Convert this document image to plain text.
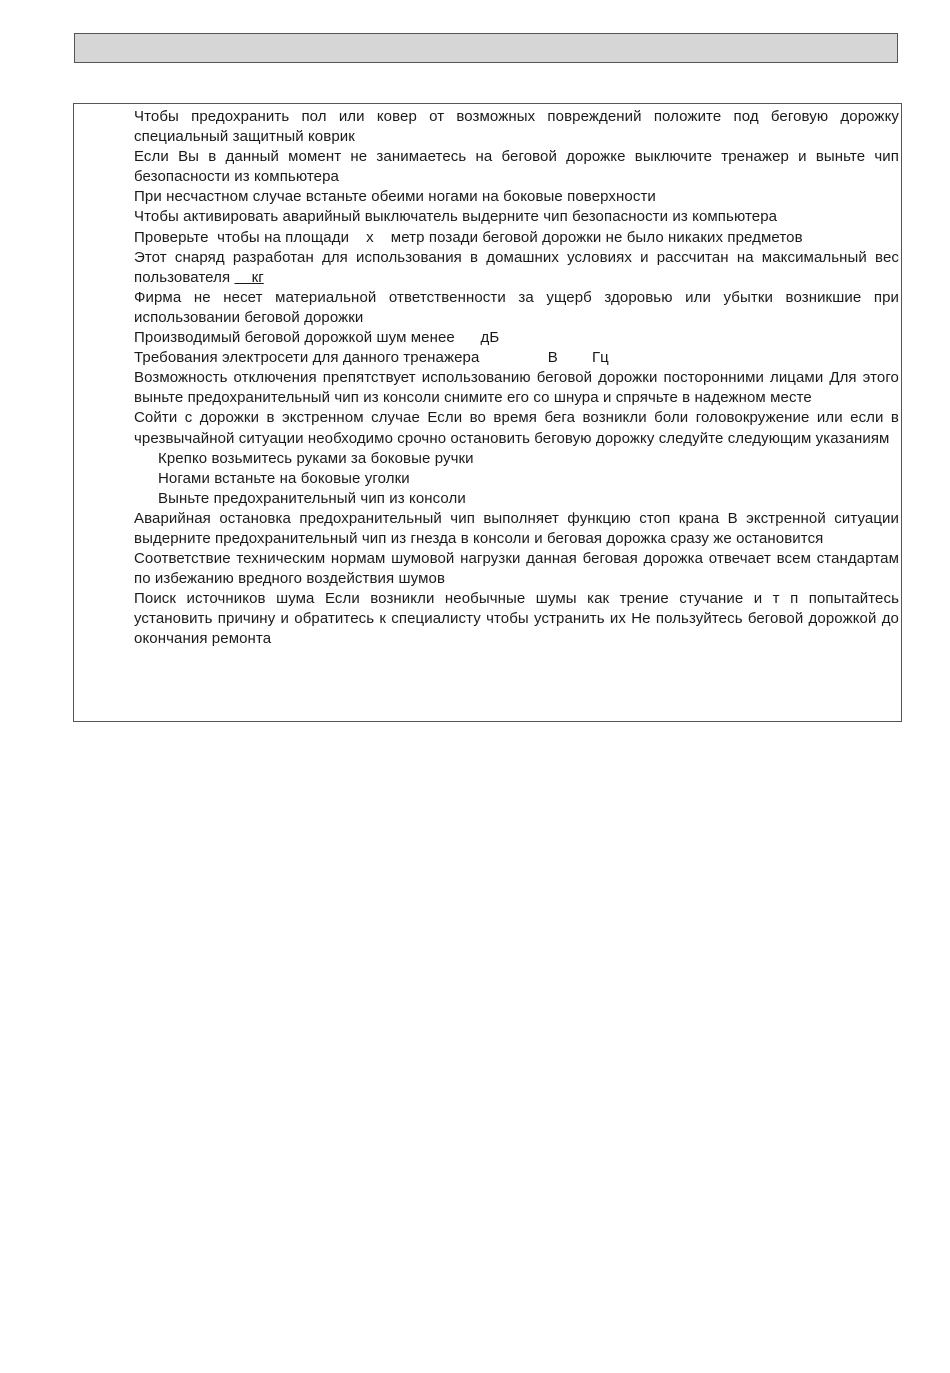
Чтобы предохранить пол или ковер от возможных повреждений положите под беговую дорожку специальный защитный коврик

Если Вы в данный момент не занимаетесь на беговой дорожке выключите тренажер и выньте чип безопасности из компьютера

При несчастном случае встаньте обеими ногами на боковые поверхности

Чтобы активировать аварийный выключатель выдерните чип безопасности из компьютера

Проверьте  чтобы на площади    х    метр позади беговой дорожки не было никаких предметов

Этот снаряд разработан для использования в домашних условиях и рассчитан на максимальный вес пользователя кг

Фирма не несет материальной ответственности за ущерб здоровью или убытки возникшие при использовании беговой дорожки

Производимый беговой дорожкой шум менее      дБ

Требования электросети для данного тренажера                В        Гц

Возможность отключения препятствует использованию беговой дорожки посторонними лицами Для этого выньте предохранительный чип из консоли снимите его со шнура и спрячьте в надежном месте

Сойти с дорожки в экстренном случае Если во время бега возникли боли головокружение или если в чрезвычайной ситуации необходимо срочно остановить беговую дорожку следуйте следующим указаниям

Крепко возьмитесь руками за боковые ручки

Ногами встаньте на боковые уголки

Выньте предохранительный чип из консоли

Аварийная остановка предохранительный чип выполняет функцию стоп крана В экстренной ситуации выдерните предохранительный чип из гнезда в консоли и беговая дорожка сразу же остановится

Соответствие техническим нормам шумовой нагрузки данная беговая дорожка отвечает всем стандартам по избежанию вредного воздействия шумов

Поиск источников шума Если возникли необычные шумы как трение стучание и т п попытайтесь установить причину и обратитесь к специалисту чтобы устранить их Не пользуйтесь беговой дорожкой до окончания ремонта
